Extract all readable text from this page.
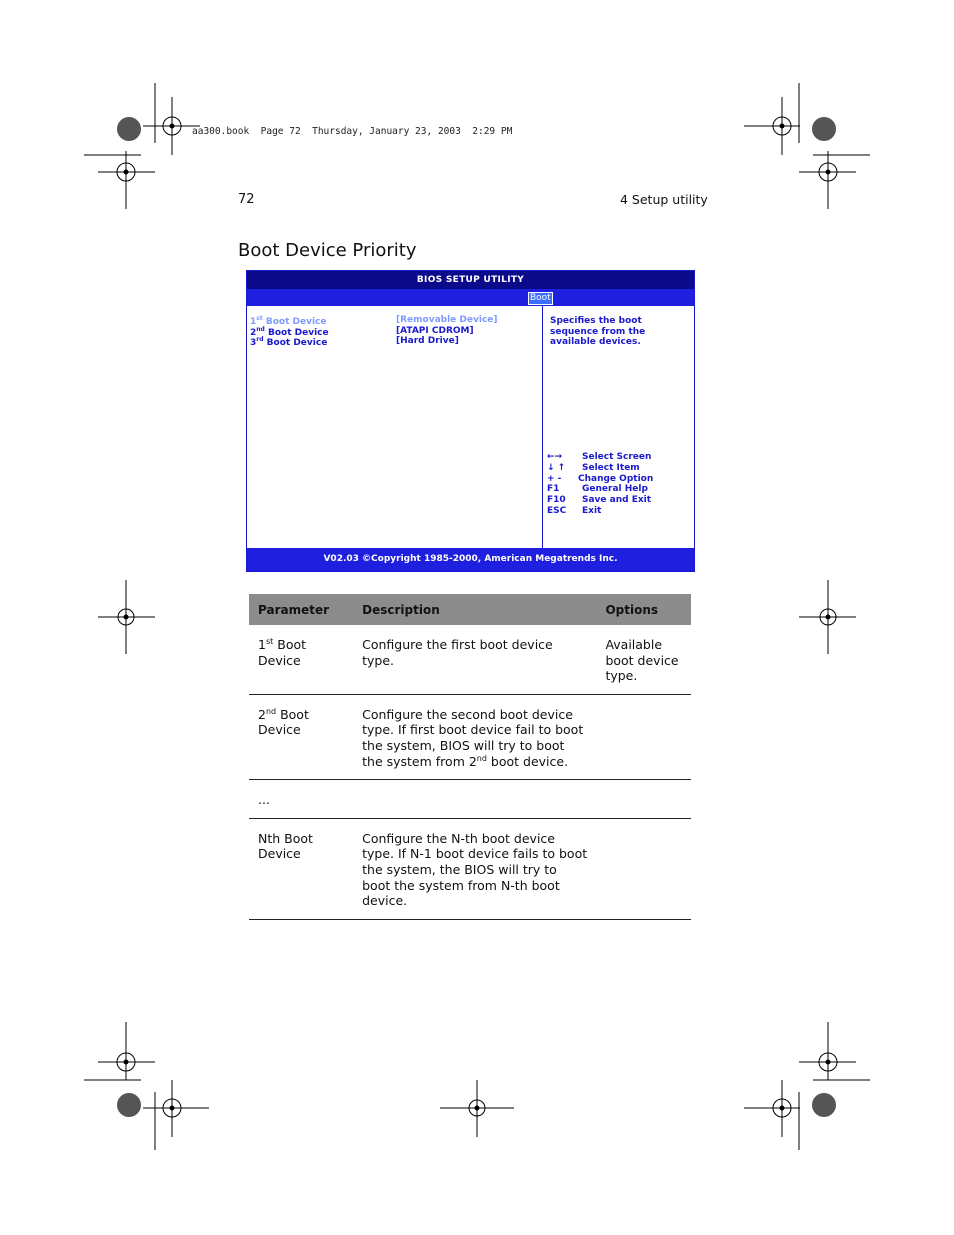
aa300.book  Page 72  Thursday, January 23, 2003  2:29 PM
72	4 Setup utility
Boot Device Priority
BIOS SETUP UTILITY
Boot
1st Boot Device	[Removable Device]
2nd Boot Device	[ATAPI CDROM]
3rd Boot Device	[Hard Drive]
Specifies the boot sequence from the available devices.
←→ Select Screen
↓ ↑ Select Item
+ - Change Option
F1	General Help
F10 Save and Exit
ESC Exit
V02.03 ©Copyright 1985-2000, American Megatrends Inc.
Parameter	Description	Options
1st Boot Device	Configure the first boot device type.	Available boot device type.
2nd Boot Device	Configure the second boot device type. If first boot device fail to boot the system, BIOS will try to boot the system from 2nd boot device.	
...		
Nth Boot Device	Configure the N-th boot device type. If N-1 boot device fails to boot the system, the BIOS will try to boot the system from N-th boot device.	
